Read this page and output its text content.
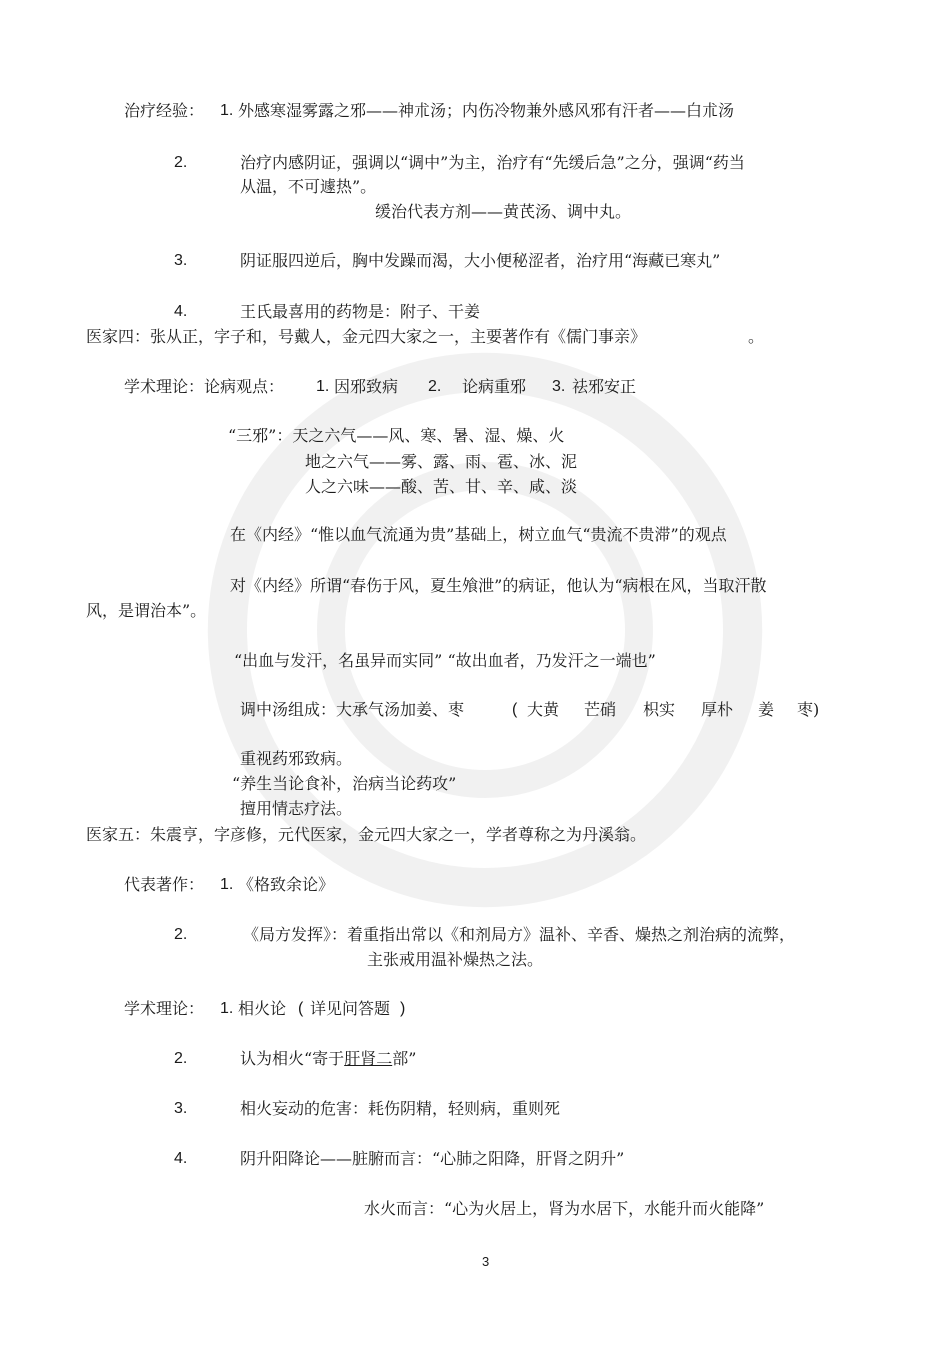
治疗经验： 1. 外感寒湿雾露之邪——神朮汤；内伤冷物兼外感风邪有汗者——白朮汤
2.	治疗内感阴证，强调以“调中”为主，治疗有“先缓后急”之分，强调“药当
从温，不可遽热”。
缓治代表方剂——黄芪汤、调中丸。
3.	阴证服四逆后，胸中发躁而渴，大小便秘涩者，治疗用“海藏已寒丸”
4.	王氏最喜用的药物是：附子、干姜
医家四：张从正，字子和，号戴人，金元四大家之一，主要著作有《儒门事亲》	。
学术理论：论病观点： 1. 因邪致病 2. 论病重邪 3. 祛邪安正
“三邪”：天之六气——风、寒、暑、湿、燥、火
地之六气——雾、露、雨、雹、冰、泥
人之六味——酸、苦、甘、辛、咸、淡
在《内经》“惟以血气流通为贵”基础上，树立血气“贵流不贵滞”的观点
对《内经》所谓“春伤于风，夏生飧泄”的病证，他认为“病根在风，当取汗散
风，是谓治本”。
“出血与发汗，名虽异而实同” “故出血者，乃发汗之一端也”
调中汤组成：大承气汤加姜、枣	( 大黄 芒硝 枳实 厚朴 姜 枣)
重视药邪致病。
“养生当论食补，治病当论药攻”
擅用情志疗法。
医家五：朱震亨，字彦修，元代医家，金元四大家之一，学者尊称之为丹溪翁。
代表著作： 1. 《格致余论》
2.	《局方发挥》：着重指出常以《和剂局方》温补、辛香、燥热之剂治病的流弊，
主张戒用温补燥热之法。
学术理论： 1. 相火论 ( 详见问答题 )
2.	认为相火“寄于肝肾二部”
3.	相火妄动的危害：耗伤阴精，轻则病，重则死
4.	阴升阳降论——脏腑而言：“心肺之阳降，肝肾之阴升”
水火而言：“心为火居上，肾为水居下，水能升而火能降”
3
